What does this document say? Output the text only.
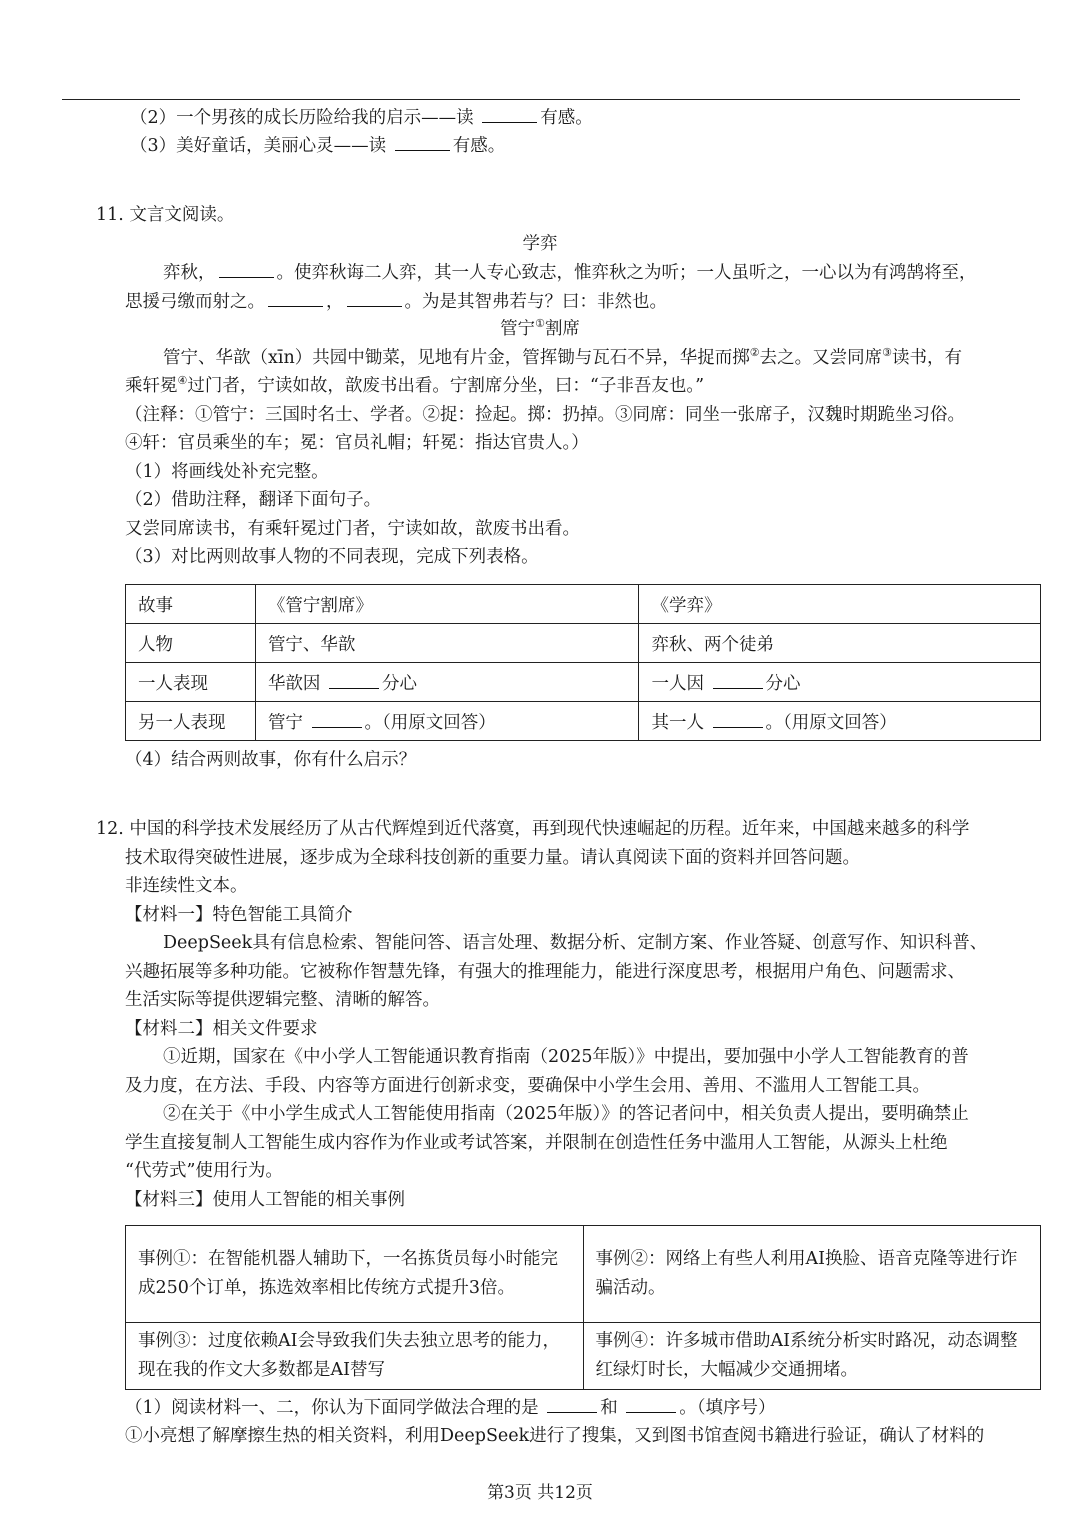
（2）一个男孩的成长历险给我的启示——读	有感。
（3）美好童话，美丽心灵——读	有感。
11. 文言文阅读。
学弈
弈秋，	。使弈秋诲二人弈，其一人专心致志，惟弈秋之为听；一人虽听之，一心以为有鸿鹄将至，
思援弓缴而射之。	，	。为是其智弗若与？曰：非然也。
管宁①割席
管宁、华歆（xīn）共园中锄菜，见地有片金，管挥锄与瓦石不异，华捉而掷②去之。又尝同席③读书，有
乘轩冕④过门者，宁读如故，歆废书出看。宁割席分坐，曰：“子非吾友也。”
（注释：①管宁：三国时名士、学者。②捉：捡起。掷：扔掉。③同席：同坐一张席子，汉魏时期跪坐习俗。
④轩：官员乘坐的车；冕：官员礼帽；轩冕：指达官贵人。）
（1）将画线处补充完整。
（2）借助注释，翻译下面句子。
又尝同席读书，有乘轩冕过门者，宁读如故，歆废书出看。
（3）对比两则故事人物的不同表现，完成下列表格。
故事	《管宁割席》	《学弈》
人物	管宁、华歆	弈秋、两个徒弟
一人表现	华歆因 分心	一人因 分心
另一人表现	管宁 。（用原文回答）	其一人 。（用原文回答）
（4）结合两则故事，你有什么启示？
12. 中国的科学技术发展经历了从古代辉煌到近代落寞，再到现代快速崛起的历程。近年来，中国越来越多的科学
技术取得突破性进展，逐步成为全球科技创新的重要力量。请认真阅读下面的资料并回答问题。
非连续性文本。
【材料一】特色智能工具简介
DeepSeek具有信息检索、智能问答、语言处理、数据分析、定制方案、作业答疑、创意写作、知识科普、
兴趣拓展等多种功能。它被称作智慧先锋，有强大的推理能力，能进行深度思考，根据用户角色、问题需求、
生活实际等提供逻辑完整、清晰的解答。
【材料二】相关文件要求
①近期，国家在《中小学人工智能通识教育指南（2025年版）》中提出，要加强中小学人工智能教育的普
及力度，在方法、手段、内容等方面进行创新求变，要确保中小学生会用、善用、不滥用人工智能工具。
②在关于《中小学生成式人工智能使用指南（2025年版）》的答记者问中，相关负责人提出，要明确禁止
学生直接复制人工智能生成内容作为作业或考试答案，并限制在创造性任务中滥用人工智能，从源头上杜绝
“代劳式”使用行为。
【材料三】使用人工智能的相关事例
事例①：在智能机器人辅助下，一名拣货员每小时能完成250个订单，拣选效率相比传统方式提升3倍。	事例②：网络上有些人利用AI换脸、语音克隆等进行诈骗活动。
事例③：过度依赖AI会导致我们失去独立思考的能力，现在我的作文大多数都是AI替写	事例④：许多城市借助AI系统分析实时路况，动态调整红绿灯时长，大幅减少交通拥堵。
（1）阅读材料一、二，你认为下面同学做法合理的是	和	。（填序号）
①小亮想了解摩擦生热的相关资料，利用DeepSeek进行了搜集，又到图书馆查阅书籍进行验证，确认了材料的
第3页 共12页
